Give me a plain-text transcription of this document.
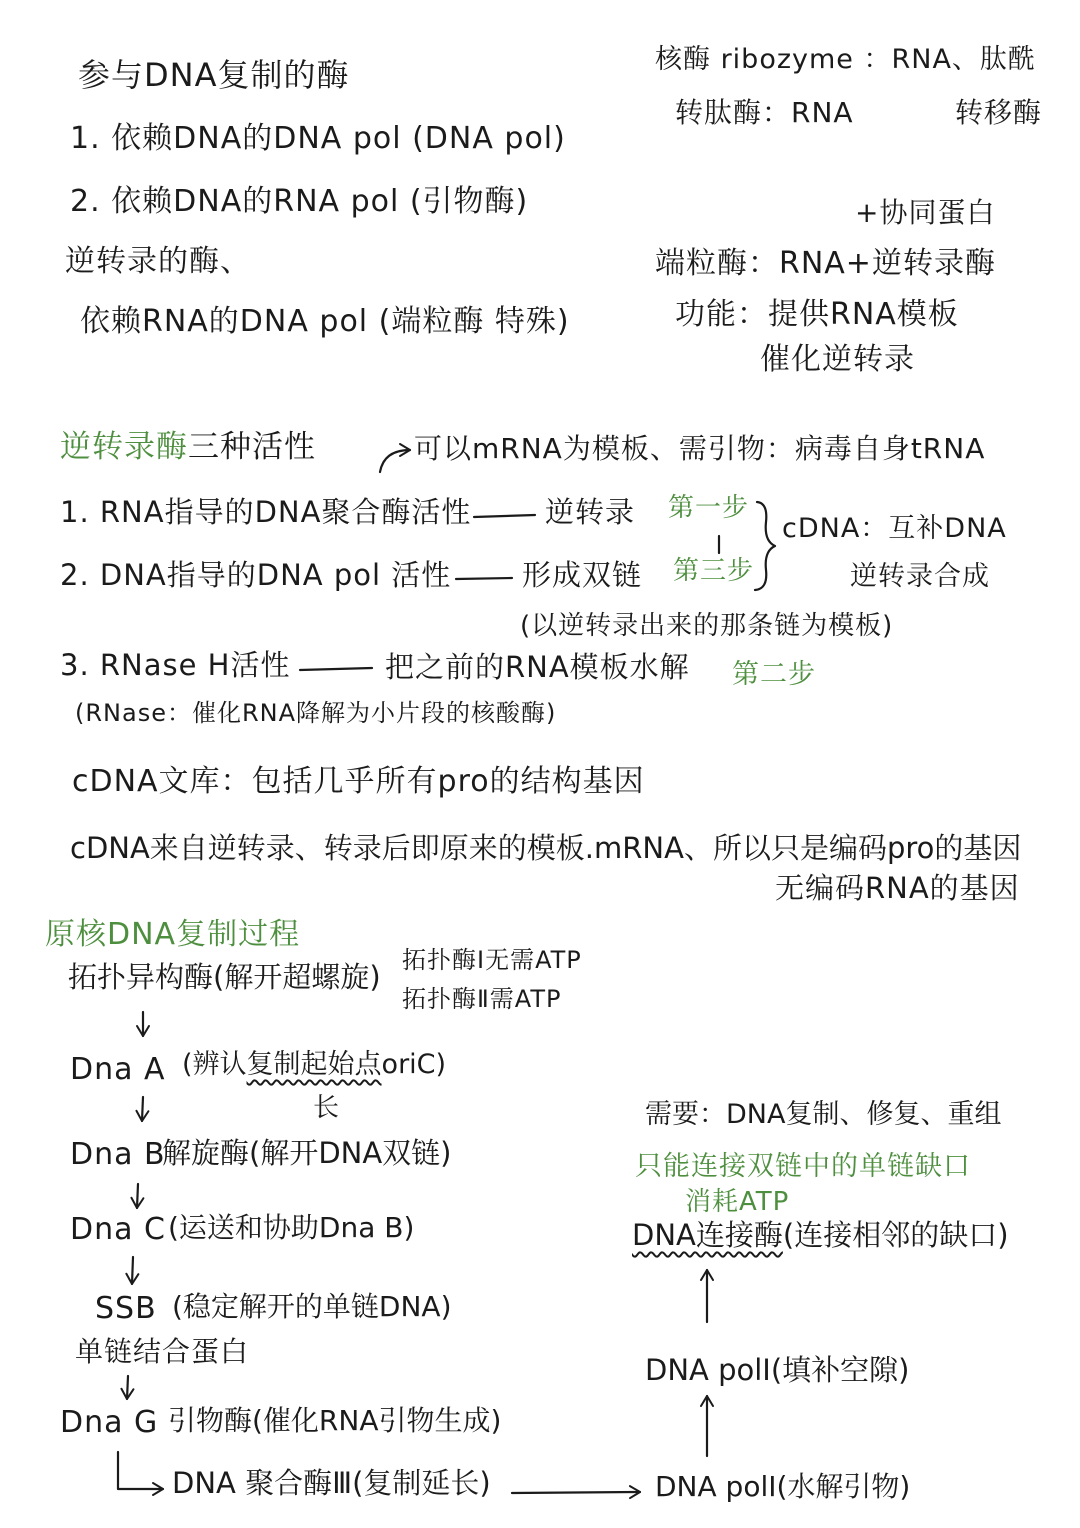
参与DNA复制的酶
1. 依赖DNA的DNA pol (DNA pol)
2. 依赖DNA的RNA pol (引物酶)
逆转录的酶、
依赖RNA的DNA pol (端粒酶 特殊)
核酶 ribozyme ：RNA、肽酰
转肽酶：RNA	转移酶
+协同蛋白
端粒酶：RNA+逆转录酶
功能：提供RNA模板
催化逆转录
逆转录酶三种活性	可以mRNA为模板、需引物：病毒自身tRNA
1. RNA指导的DNA聚合酶活性	逆转录 第一步
2. DNA指导的DNA pol 活性 形成双链 第三步
cDNA：互补DNA
逆转录合成
(以逆转录出来的那条链为模板)
3. RNase H活性	把之前的RNA模板水解 第二步
(RNase：催化RNA降解为小片段的核酸酶)
cDNA文库：包括几乎所有pro的结构基因
cDNA来自逆转录、转录后即原来的模板.mRNA、所以只是编码pro的基因
无编码RNA的基因
原核DNA复制过程
拓扑异构酶(解开超螺旋) 拓扑酶Ⅰ无需ATP
拓扑酶Ⅱ需ATP
Dna A (辨认复制起始点oriC)
长
Dna B
解旋酶(解开DNA双链)
Dna C (运送和协助Dna B)
SSB (稳定解开的单链DNA)
单链结合蛋白
Dna G 引物酶(催化RNA引物生成)
DNA 聚合酶Ⅲ(复制延长)	DNA polⅠ(水解引物)
需要：DNA复制、修复、重组
只能连接双链中的单链缺口
消耗ATP
DNA连接酶(连接相邻的缺口)
DNA polⅠ(填补空隙)
